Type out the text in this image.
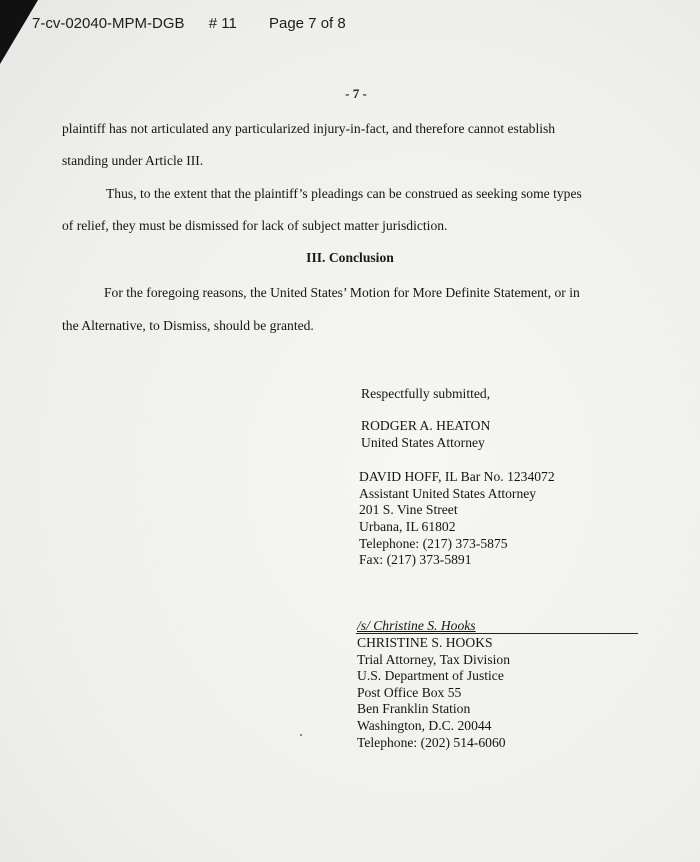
7-cv-02040-MPM-DGB # 11 Page 7 of 8
- 7 -
plaintiff has not articulated any particularized injury-in-fact, and therefore cannot establish
standing under Article III.
Thus, to the extent that the plaintiff’s pleadings can be construed as seeking some types
of relief, they must be dismissed for lack of subject matter jurisdiction.
III. Conclusion
For the foregoing reasons, the United States’ Motion for More Definite Statement, or in
the Alternative, to Dismiss, should be granted.
Respectfully submitted,
RODGER A. HEATON
United States Attorney
DAVID HOFF, IL Bar No. 1234072
Assistant United States Attorney
201 S. Vine Street
Urbana, IL 61802
Telephone: (217) 373-5875
Fax: (217) 373-5891
/s/ Christine S. Hooks
CHRISTINE S. HOOKS
Trial Attorney, Tax Division
U.S. Department of Justice
Post Office Box 55
Ben Franklin Station
Washington, D.C. 20044
Telephone: (202) 514-6060
